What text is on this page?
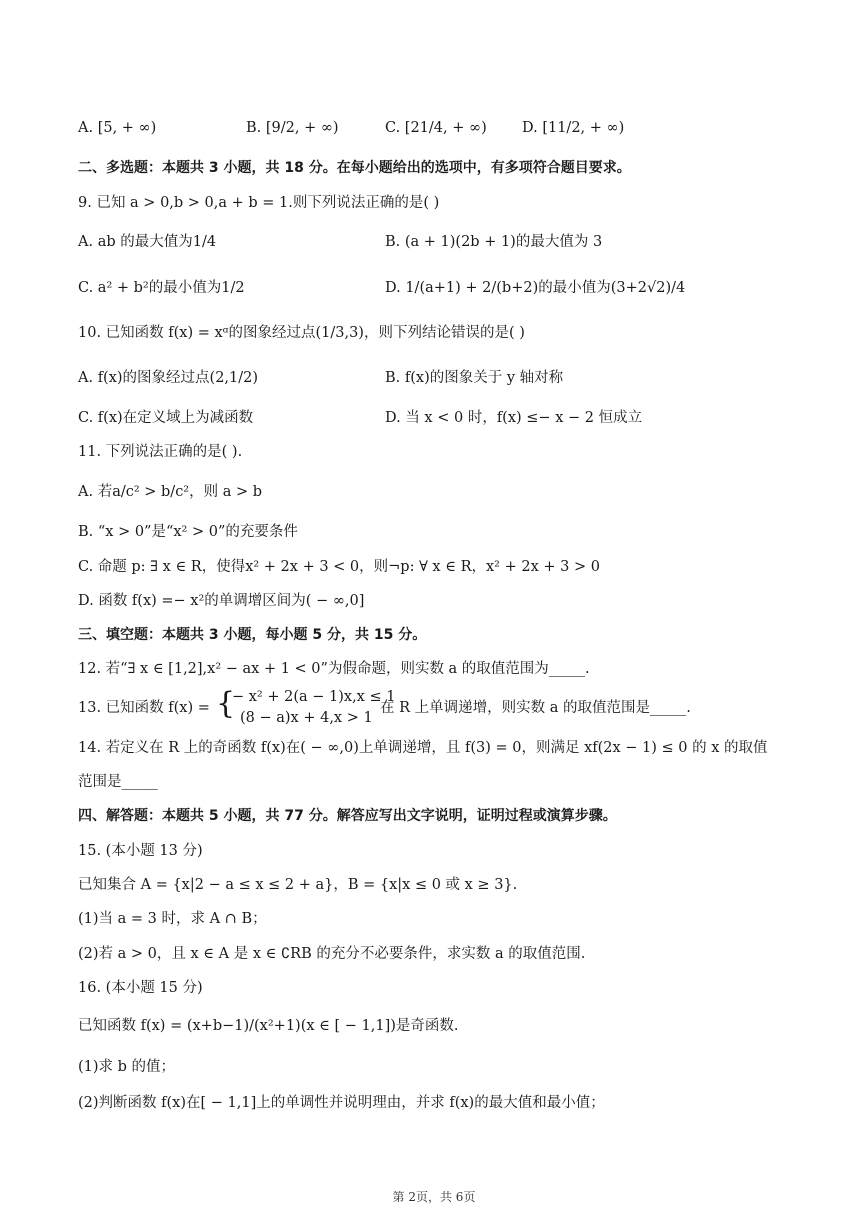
A. [5, + ∞)	B. [9/2, + ∞)	C. [21/4, + ∞) D. [11/2, + ∞)
二、多选题：本题共 3 小题，共 18 分。在每小题给出的选项中，有多项符合题目要求。
9. 已知 a > 0,b > 0,a + b = 1.则下列说法正确的是( )
A. ab 的最大值为1/4	B. (a + 1)(2b + 1)的最大值为 3
C. a² + b²的最小值为1/2	D. 1/(a+1) + 2/(b+2)的最小值为(3+2√2)/4
10. 已知函数 f(x) = xᵅ的图象经过点(1/3,3)，则下列结论错误的是( )
A. f(x)的图象经过点(2,1/2)	B. f(x)的图象关于 y 轴对称
C. f(x)在定义域上为减函数	D. 当 x < 0 时，f(x) ≤− x − 2 恒成立
11. 下列说法正确的是( ).
A. 若a/c² > b/c²，则 a > b
B. “x > 0”是“x² > 0”的充要条件
C. 命题 p: ∃ x ∈ R，使得x² + 2x + 3 < 0，则¬p: ∀ x ∈ R，x² + 2x + 3 > 0
D. 函数 f(x) =− x²的单调增区间为( − ∞,0]
三、填空题：本题共 3 小题，每小题 5 分，共 15 分。
12. 若“∃ x ∈ [1,2],x² − ax + 1 < 0”为假命题，则实数 a 的取值范围为_____.
13. 已知函数 f(x) = {
− x² + 2(a − 1)x,x ≤ 1
(8 − a)x + 4,x > 1
在 R 上单调递增，则实数 a 的取值范围是_____.
14. 若定义在 R 上的奇函数 f(x)在( − ∞,0)上单调递增，且 f(3) = 0，则满足 xf(2x − 1) ≤ 0 的 x 的取值
范围是_____
四、解答题：本题共 5 小题，共 77 分。解答应写出文字说明，证明过程或演算步骤。
15. (本小题 13 分)
已知集合 A = {x|2 − a ≤ x ≤ 2 + a}，B = {x|x ≤ 0 或 x ≥ 3}.
(1)当 a = 3 时，求 A ∩ B；
(2)若 a > 0，且 x ∈ A 是 x ∈ ∁RB 的充分不必要条件，求实数 a 的取值范围.
16. (本小题 15 分)
已知函数 f(x) = (x+b−1)/(x²+1)(x ∈ [ − 1,1])是奇函数.
(1)求 b 的值；
(2)判断函数 f(x)在[ − 1,1]上的单调性并说明理由，并求 f(x)的最大值和最小值；
第 2页，共 6页
